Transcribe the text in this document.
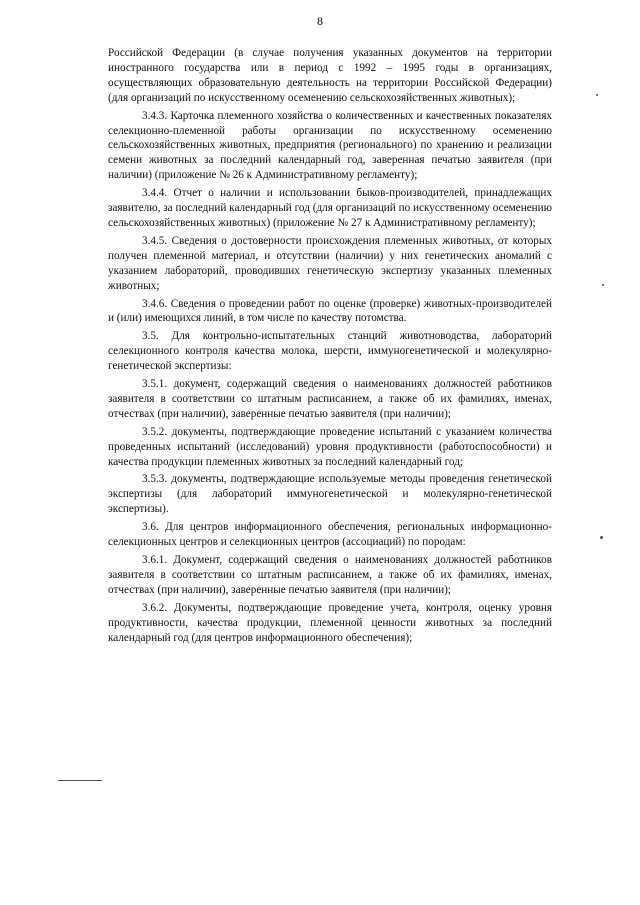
8

Российской Федерации (в случае получения указанных документов на территории иностранного государства или в период с 1992 – 1995 годы в организациях, осуществляющих образовательную деятельность на территории Российской Федерации) (для организаций по искусственному осеменению сельскохозяйственных животных);

3.4.3. Карточка племенного хозяйства о количественных и качественных показателях селекционно-племенной работы организации по искусственному осеменению сельскохозяйственных животных, предприятия (регионального) по хранению и реализации семени животных за последний календарный год, заверенная печатью заявителя (при наличии) (приложение № 26 к Административному регламенту);

3.4.4. Отчет о наличии и использовании быков-производителей, принадлежащих заявителю, за последний календарный год (для организаций по искусственному осеменению сельскохозяйственных животных) (приложение № 27 к Административному регламенту);

3.4.5. Сведения о достоверности происхождения племенных животных, от которых получен племенной материал, и отсутствии (наличии) у них генетических аномалий с указанием лабораторий, проводивших генетическую экспертизу указанных племенных животных;

3.4.6. Сведения о проведении работ по оценке (проверке) животных-производителей и (или) имеющихся линий, в том числе по качеству потомства.

3.5. Для контрольно-испытательных станций животноводства, лабораторий селекционного контроля качества молока, шерсти, иммуногенетической и молекулярно-генетической экспертизы:

3.5.1. документ, содержащий сведения о наименованиях должностей работников заявителя в соответствии со штатным расписанием, а также об их фамилиях, именах, отчествах (при наличии), заверенные печатью заявителя (при наличии);

3.5.2. документы, подтверждающие проведение испытаний с указанием количества проведенных испытаний (исследований) уровня продуктивности (работоспособности) и качества продукции племенных животных за последний календарный год;

3.5.3. документы, подтверждающие используемые методы проведения генетической экспертизы (для лабораторий иммуногенетической и молекулярно-генетической экспертизы).

3.6. Для центров информационного обеспечения, региональных информационно-селекционных центров и селекционных центров (ассоциаций) по породам:

3.6.1. Документ, содержащий сведения о наименованиях должностей работников заявителя в соответствии со штатным расписанием, а также об их фамилиях, именах, отчествах (при наличии), заверенные печатью заявителя (при наличии);

3.6.2. Документы, подтверждающие проведение учета, контроля, оценку уровня продуктивности, качества продукции, племенной ценности животных за последний календарный год (для центров информационного обеспечения);
